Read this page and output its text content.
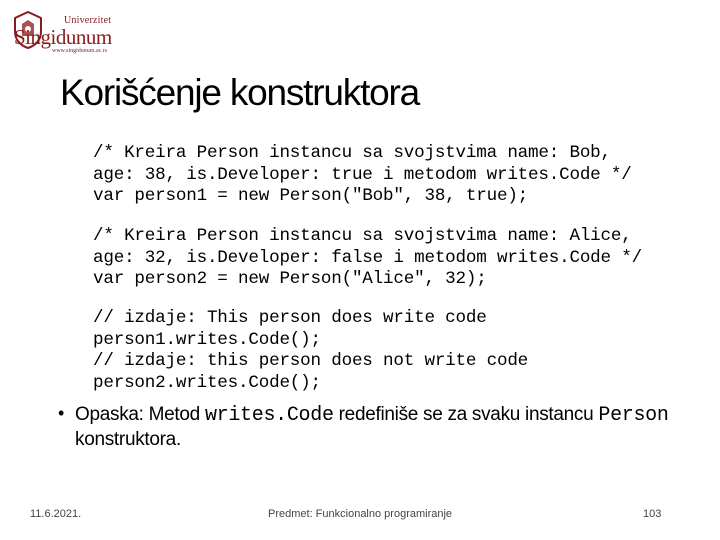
Univerzitet
Singidunum
www.singidunum.ac.rs
Korišćenje konstruktora
/* Kreira Person instancu sa svojstvima name: Bob,
age: 38, is.Developer: true i metodom writes.Code */
var person1 = new Person("Bob", 38, true);
/* Kreira Person instancu sa svojstvima name: Alice,
age: 32, is.Developer: false i metodom writes.Code */
var person2 = new Person("Alice", 32);
// izdaje: This person does write code
person1.writes.Code();
// izdaje: this person does not write code
person2.writes.Code();
• Opaska: Metod writes.Code redefiniše se za svaku instancu Person konstruktora.
11.6.2021.	Predmet: Funkcionalno programiranje	103
